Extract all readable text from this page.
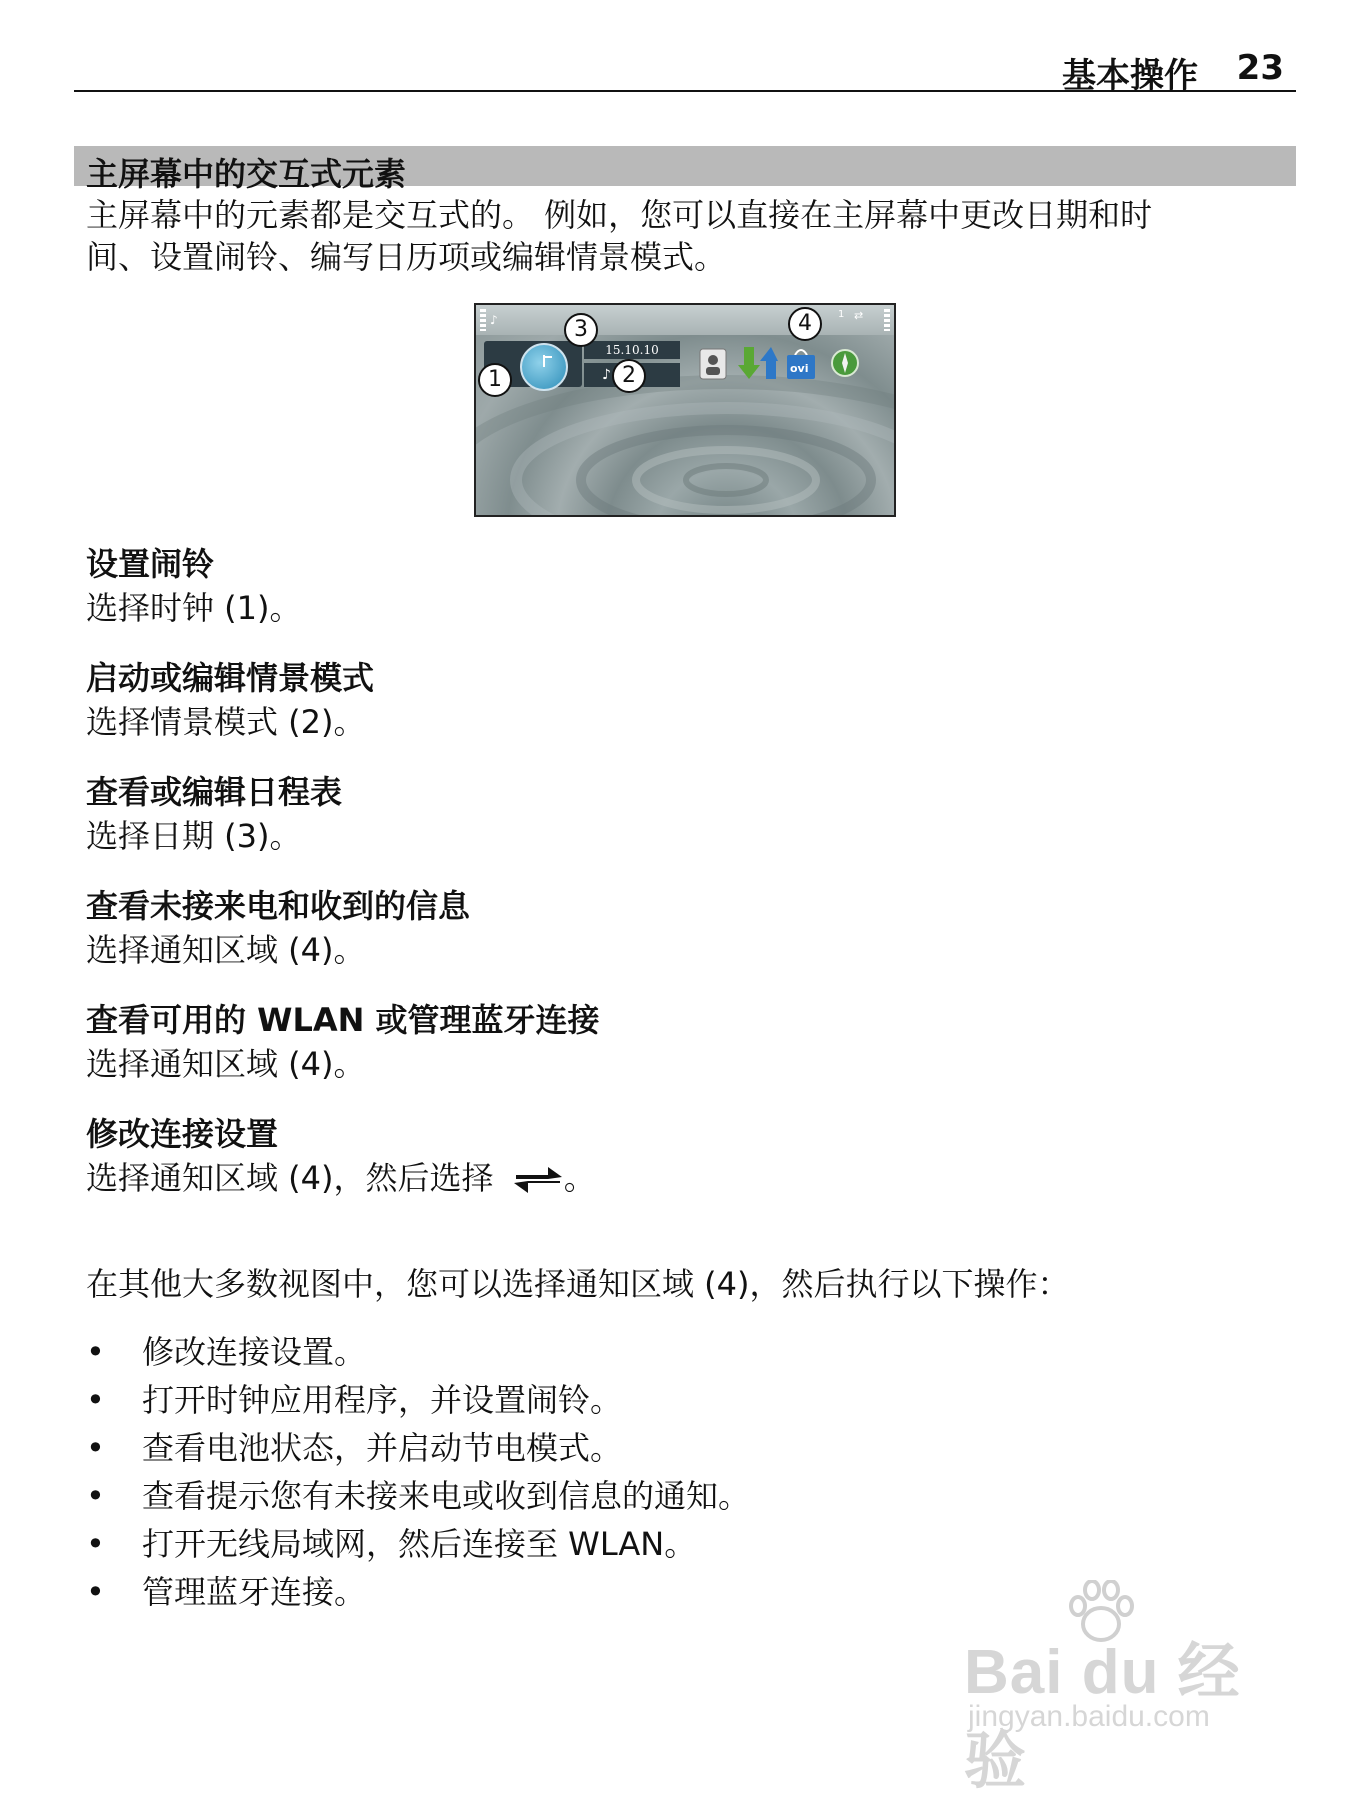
基本操作 23
主屏幕中的交互式元素
主屏幕中的元素都是交互式的。 例如，您可以直接在主屏幕中更改日期和时
间、设置闹铃、编写日历项或编辑情景模式。
1 ⇄
♪
15.10.10
♪	ovi
1	2
3	4
设置闹铃
选择时钟 (1)。
启动或编辑情景模式
选择情景模式 (2)。
查看或编辑日程表
选择日期 (3)。
查看未接来电和收到的信息
选择通知区域 (4)。
查看可用的 WLAN 或管理蓝牙连接
选择通知区域 (4)。
修改连接设置
选择通知区域 (4)，然后选择 。
在其他大多数视图中，您可以选择通知区域 (4)，然后执行以下操作：
• 修改连接设置。
• 打开时钟应用程序，并设置闹铃。
• 查看电池状态，并启动节电模式。
• 查看提示您有未接来电或收到信息的通知。
• 打开无线局域网，然后连接至 WLAN。
• 管理蓝牙连接。
Bai du 经验
jingyan.baidu.com
